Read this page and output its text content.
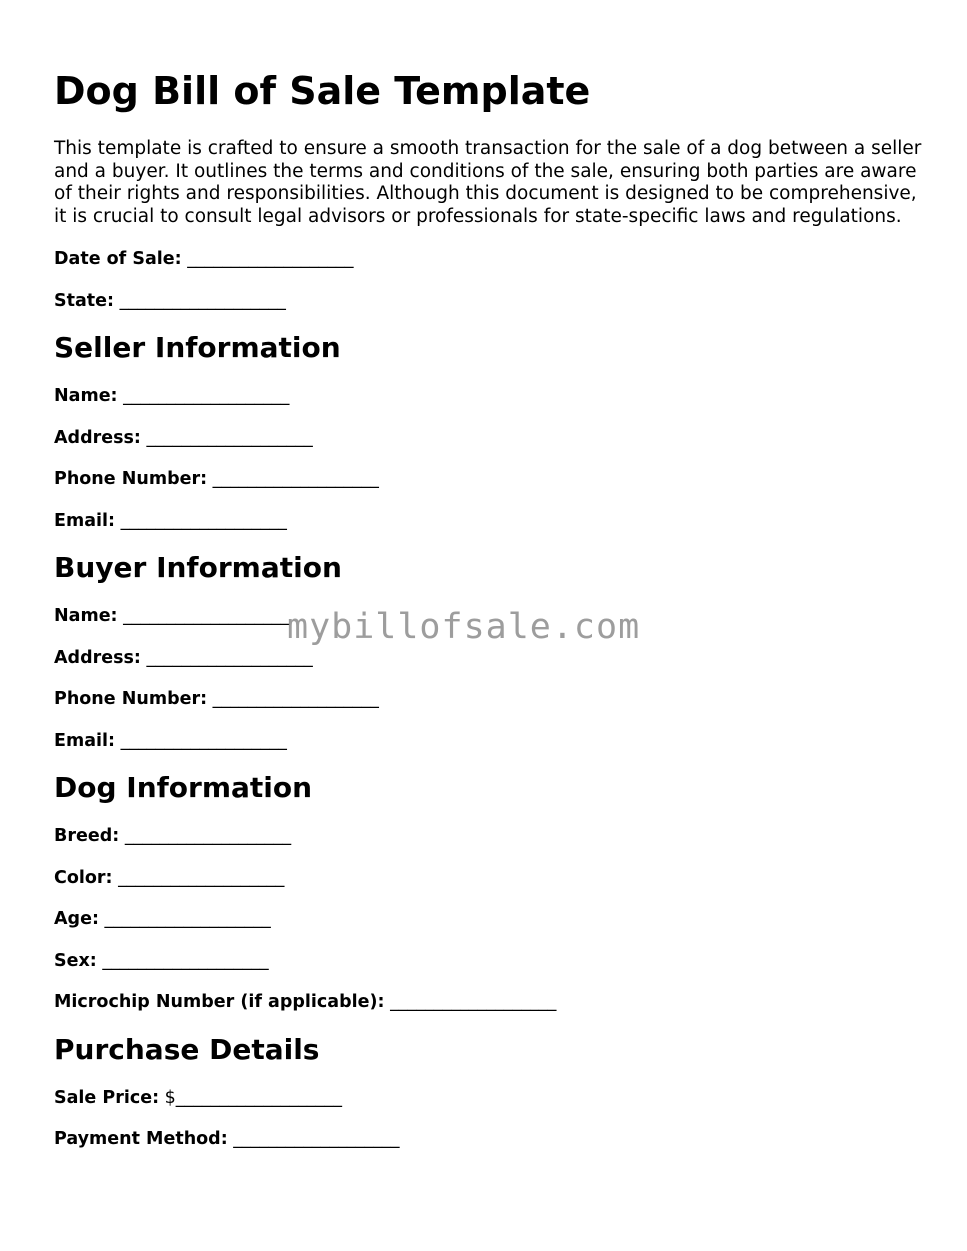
Dog Bill of Sale Template

This template is crafted to ensure a smooth transaction for the sale of a dog between a seller and a buyer. It outlines the terms and conditions of the sale, ensuring both parties are aware of their rights and responsibilities. Although this document is designed to be comprehensive, it is crucial to consult legal advisors or professionals for state-specific laws and regulations.

Date of Sale: ___________________
State: ___________________
Seller Information
Name: ___________________
Address: ___________________
Phone Number: ___________________
Email: ___________________
Buyer Information
Name: ___________________
Address: ___________________
Phone Number: ___________________
Email: ___________________
Dog Information
Breed: ___________________
Color: ___________________
Age: ___________________
Sex: ___________________
Microchip Number (if applicable): ___________________
Purchase Details
Sale Price: $___________________
Payment Method: ___________________
mybillofsale.com
